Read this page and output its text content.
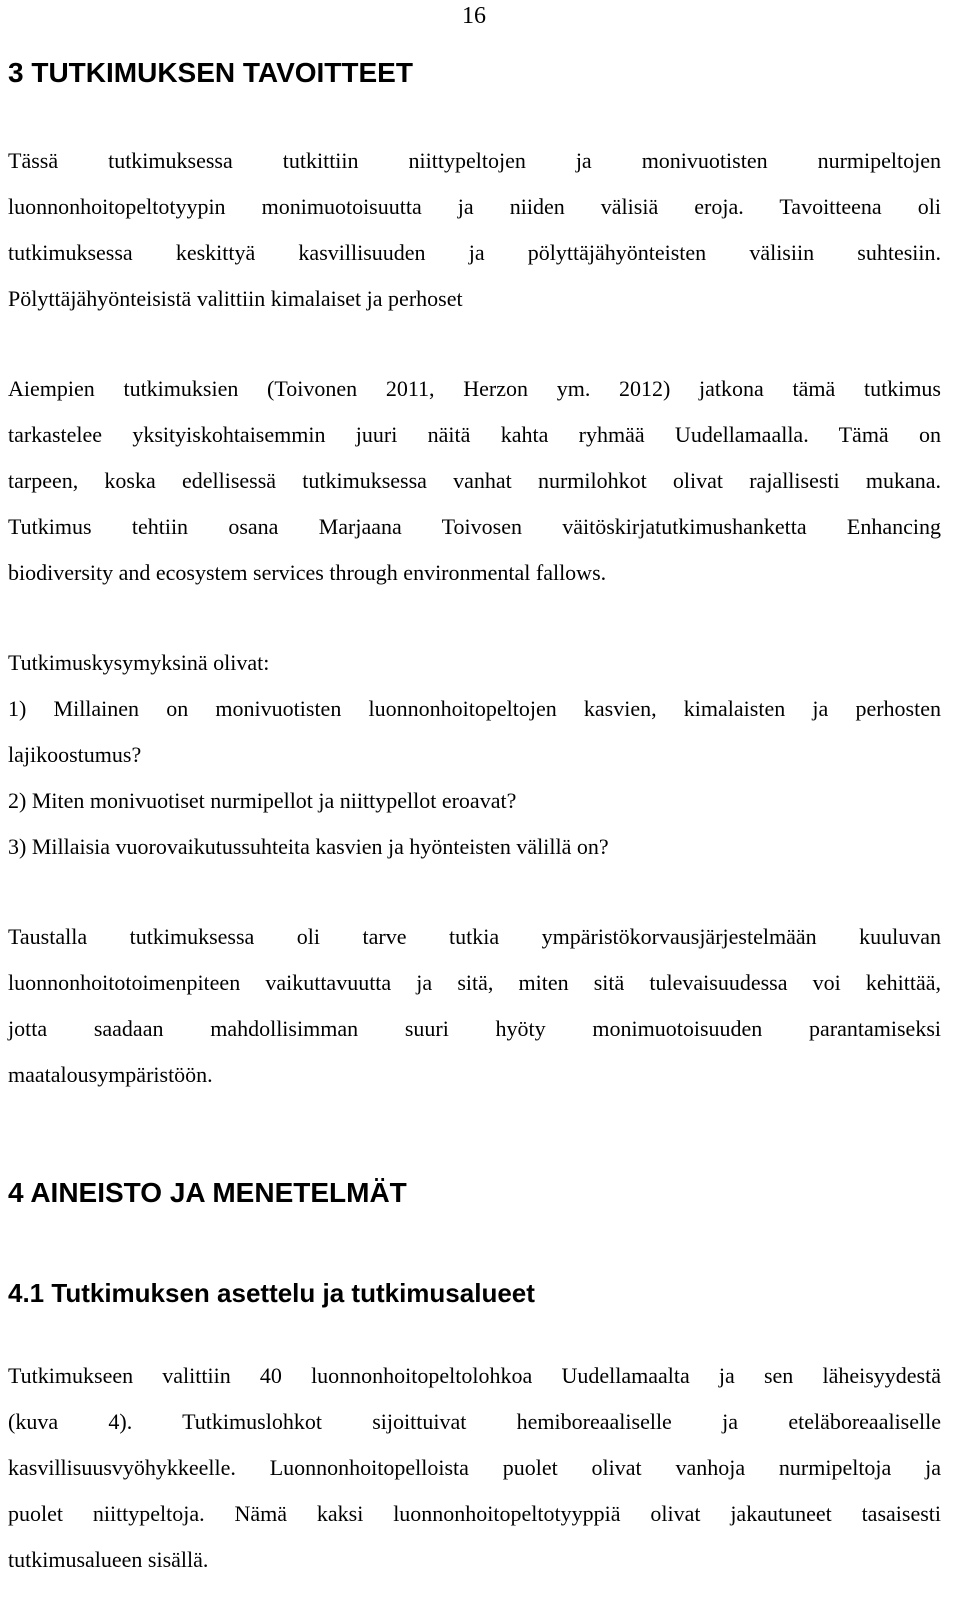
16
3 TUTKIMUKSEN TAVOITTEET
Tässä tutkimuksessa tutkittiin niittypeltojen ja monivuotisten nurmipeltojen
luonnonhoitopeltotyypin monimuotoisuutta ja niiden välisiä eroja. Tavoitteena oli
tutkimuksessa keskittyä kasvillisuuden ja pölyttäjähyönteisten välisiin suhtesiin.
Pölyttäjähyönteisistä valittiin kimalaiset ja perhoset
Aiempien tutkimuksien (Toivonen 2011, Herzon ym. 2012) jatkona tämä tutkimus
tarkastelee yksityiskohtaisemmin juuri näitä kahta ryhmää Uudellamaalla. Tämä on
tarpeen, koska edellisessä tutkimuksessa vanhat nurmilohkot olivat rajallisesti mukana.
Tutkimus tehtiin osana Marjaana Toivosen väitöskirjatutkimushanketta Enhancing
biodiversity and ecosystem services through environmental fallows.
Tutkimuskysymyksinä olivat:
1) Millainen on monivuotisten luonnonhoitopeltojen kasvien, kimalaisten ja perhosten
lajikoostumus?
2) Miten monivuotiset nurmipellot ja niittypellot eroavat?
3) Millaisia vuorovaikutussuhteita kasvien ja hyönteisten välillä on?
Taustalla tutkimuksessa oli tarve tutkia ympäristökorvausjärjestelmään kuuluvan
luonnonhoitotoimenpiteen vaikuttavuutta ja sitä, miten sitä tulevaisuudessa voi kehittää,
jotta saadaan mahdollisimman suuri hyöty monimuotoisuuden parantamiseksi
maatalousympäristöön.
4 AINEISTO JA MENETELMÄT
4.1 Tutkimuksen asettelu ja tutkimusalueet
Tutkimukseen valittiin 40 luonnonhoitopeltolohkoa Uudellamaalta ja sen läheisyydestä
(kuva 4). Tutkimuslohkot sijoittuivat hemiboreaaliselle ja eteläboreaaliselle
kasvillisuusvyöhykkeelle. Luonnonhoitopelloista puolet olivat vanhoja nurmipeltoja ja
puolet niittypeltoja. Nämä kaksi luonnonhoitopeltotyyppiä olivat jakautuneet tasaisesti
tutkimusalueen sisällä.
